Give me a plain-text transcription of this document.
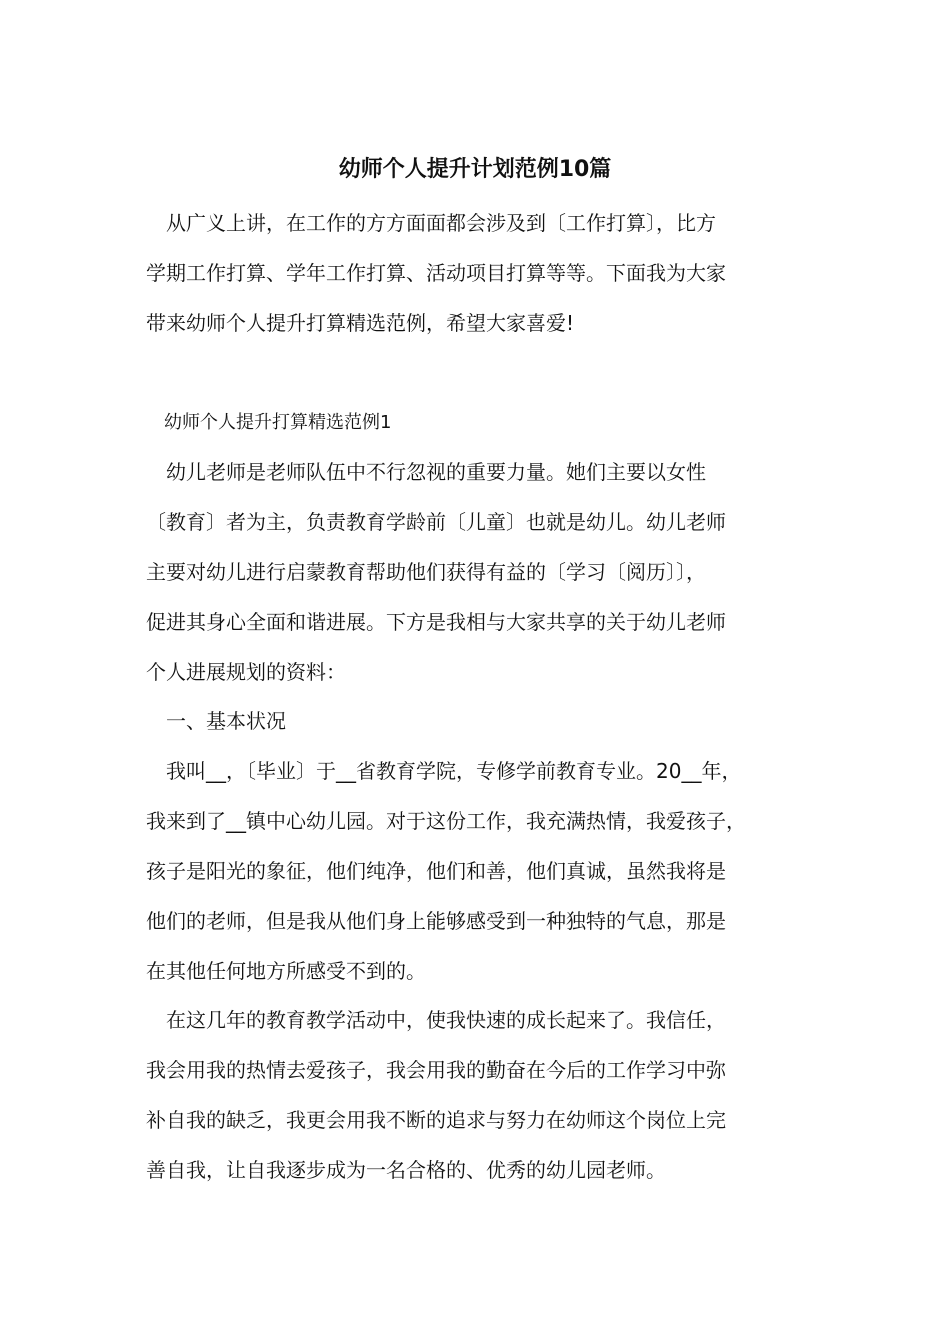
幼师个人提升计划范例10篇

　从广义上讲，在工作的方方面面都会涉及到〔工作打算〕，比方

学期工作打算、学年工作打算、活动项目打算等等。下面我为大家

带来幼师个人提升打算精选范例，希望大家喜爱!

　幼师个人提升打算精选范例1

　幼儿老师是老师队伍中不行忽视的重要力量。她们主要以女性

〔教育〕者为主，负责教育学龄前〔儿童〕也就是幼儿。幼儿老师

主要对幼儿进行启蒙教育帮助他们获得有益的〔学习〔阅历〕〕，

促进其身心全面和谐进展。下方是我相与大家共享的关于幼儿老师

个人进展规划的资料：

　一、基本状况

　我叫__，〔毕业〕于__省教育学院，专修学前教育专业。20__年，

我来到了__镇中心幼儿园。对于这份工作，我充满热情，我爱孩子，

孩子是阳光的象征，他们纯净，他们和善，他们真诚，虽然我将是

他们的老师，但是我从他们身上能够感受到一种独特的气息，那是

在其他任何地方所感受不到的。

　在这几年的教育教学活动中，使我快速的成长起来了。我信任，

我会用我的热情去爱孩子，我会用我的勤奋在今后的工作学习中弥

补自我的缺乏，我更会用我不断的追求与努力在幼师这个岗位上完

善自我，让自我逐步成为一名合格的、优秀的幼儿园老师。
